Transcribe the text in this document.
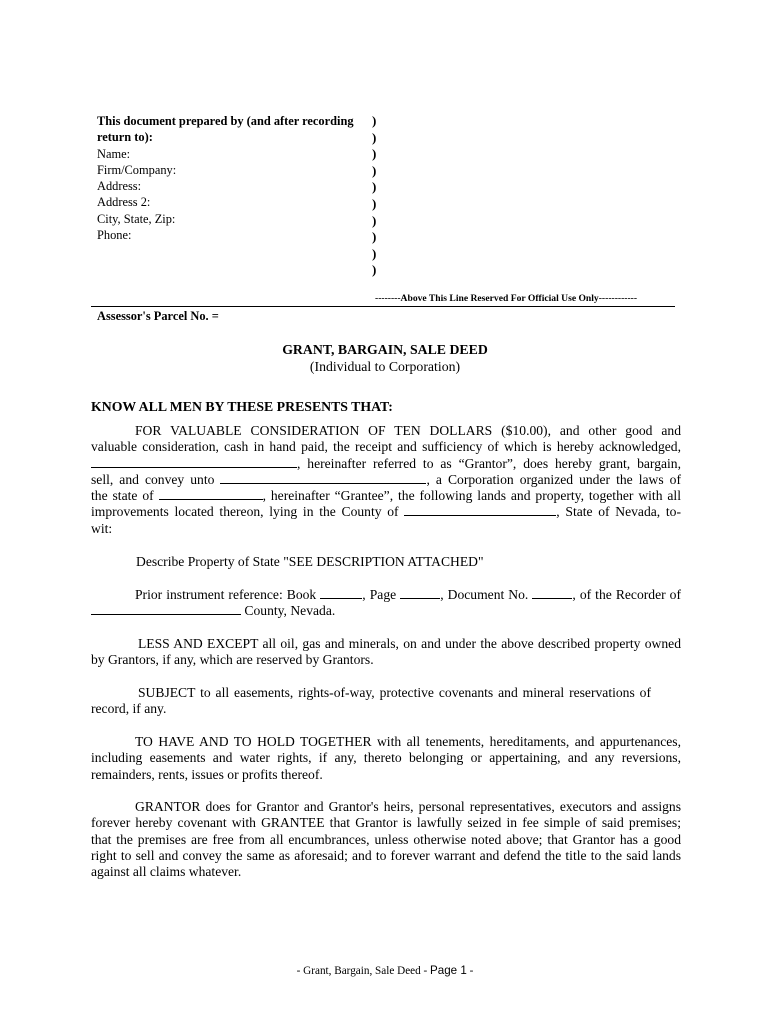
This document prepared by (and after recording
return to):
Name:
Firm/Company:
Address:
Address 2:
City, State, Zip:
Phone:
)
)
)
)
)
)
)
)
)
)
--------Above This Line Reserved For Official Use Only------------
Assessor's Parcel No. =
GRANT, BARGAIN, SALE DEED
(Individual to Corporation)
KNOW ALL MEN BY THESE PRESENTS THAT:
FOR VALUABLE CONSIDERATION OF TEN DOLLARS ($10.00), and other good and
valuable consideration, cash in hand paid, the receipt and sufficiency of which is hereby acknowledged,
, hereinafter referred to as “Grantor”, does hereby grant, bargain,
sell, and convey unto	, a Corporation organized under the laws of
the state of	, hereinafter “Grantee”, the following lands and property, together with all
improvements located thereon, lying in the County of	, State of Nevada, to-
wit:
Describe Property of State "SEE DESCRIPTION ATTACHED"
Prior instrument reference: Book	, Page	, Document No.	, of the Recorder of
County, Nevada.
LESS AND EXCEPT all oil, gas and minerals, on and under the above described property owned
by Grantors, if any, which are reserved by Grantors.
SUBJECT to all easements, rights-of-way, protective covenants and mineral reservations of
record, if any.
TO HAVE AND TO HOLD TOGETHER with all tenements, hereditaments, and appurtenances,
including easements and water rights, if any, thereto belonging or appertaining, and any reversions,
remainders, rents, issues or profits thereof.
GRANTOR does for Grantor and Grantor's heirs, personal representatives, executors and assigns
forever hereby covenant with GRANTEE that Grantor is lawfully seized in fee simple of said premises;
that the premises are free from all encumbrances, unless otherwise noted above; that Grantor has a good
right to sell and convey the same as aforesaid; and to forever warrant and defend the title to the said lands
against all claims whatever.
- Grant, Bargain, Sale Deed - Page 1 -
